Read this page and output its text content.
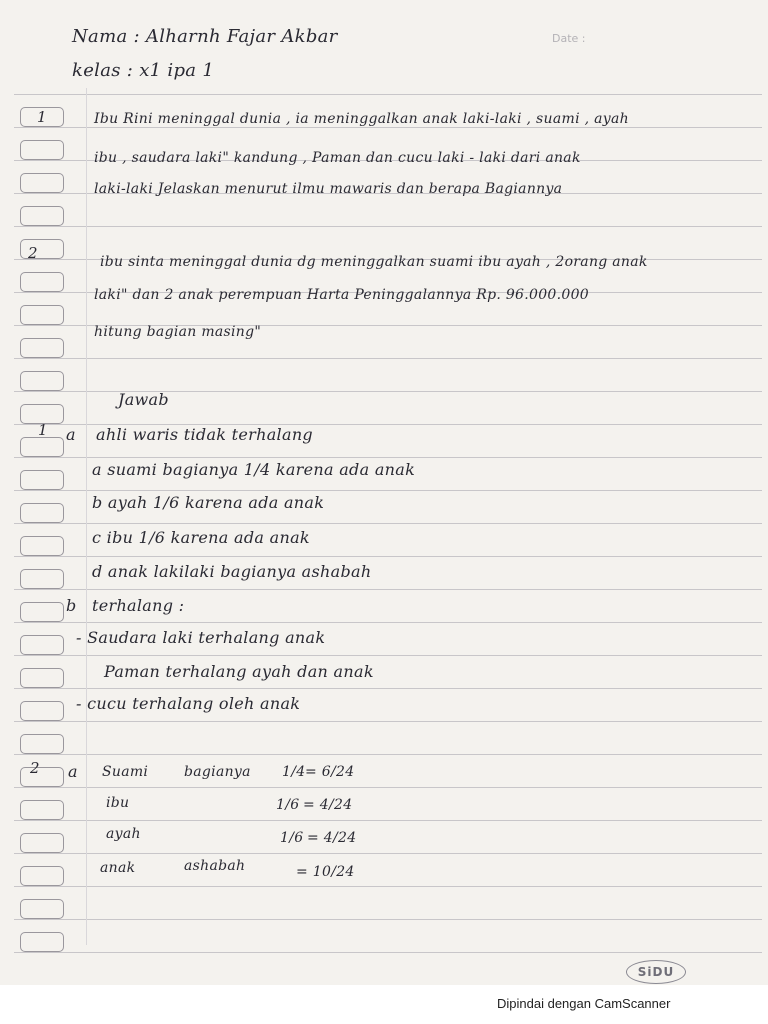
Date :
Nama : Alharnh Fajar Akbar
kelas : x1 ipa 1
1	Ibu Rini meninggal dunia , ia meninggalkan anak laki-laki , suami , ayah
ibu , saudara laki" kandung , Paman dan cucu laki - laki dari anak
laki-laki Jelaskan menurut ilmu mawaris dan berapa Bagiannya
2	ibu sinta meninggal dunia dg meninggalkan suami ibu ayah , 2orang anak
laki" dan 2 anak perempuan Harta Peninggalannya Rp. 96.000.000
hitung bagian masing"
Jawab
1 a ahli waris tidak terhalang
a suami bagianya 1/4 karena ada anak
b ayah 1/6 karena ada anak
c ibu 1/6 karena ada anak
d anak lakilaki bagianya ashabah
b terhalang :
- Saudara laki terhalang anak
Paman terhalang ayah dan anak
- cucu terhalang oleh anak
2 a Suami	bagianya 1/4 = 6/24
ibu	1/6 = 4/24
ayah	1/6 = 4/24
anak	ashabah	= 10/24
SiDU
Dipindai dengan CamScanner
